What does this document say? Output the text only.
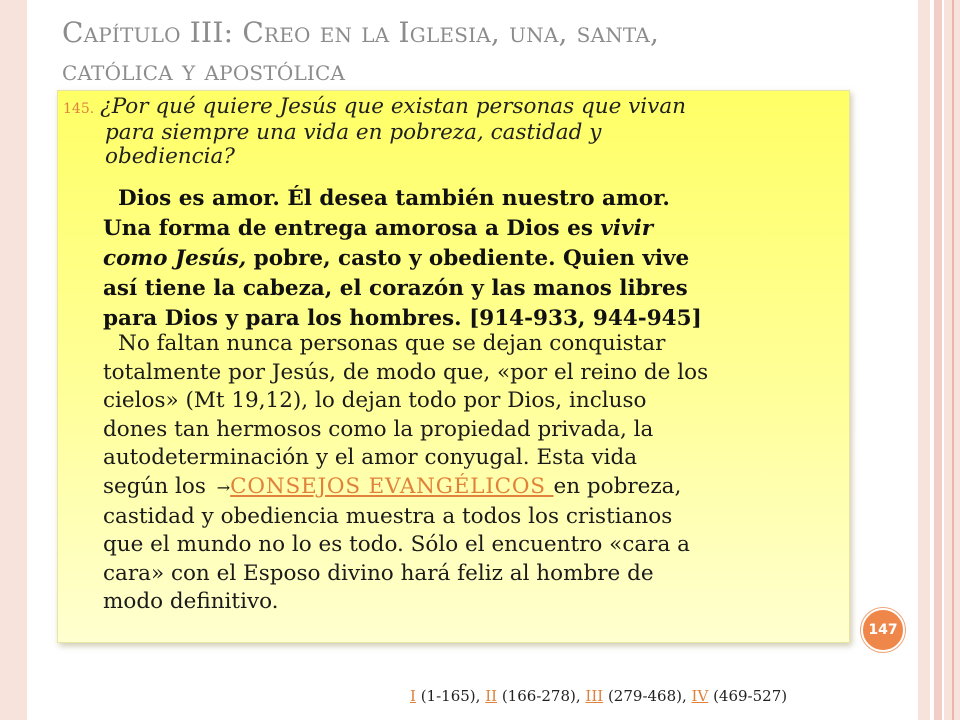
Capítulo III: Creo en la Iglesia, una, santa,
católica y apostólica
145. ¿Por qué quiere Jesús que existan personas que vivan
para siempre una vida en pobreza, castidad y
obediencia?
Dios es amor. Él desea también nuestro amor.
Una forma de entrega amorosa a Dios es vivir
como Jesús, pobre, casto y obediente. Quien vive
así tiene la cabeza, el corazón y las manos libres
para Dios y para los hombres. [914-933, 944-945]
No faltan nunca personas que se dejan conquistar
totalmente por Jesús, de modo que, «por el reino de los
cielos» (Mt 19,12), lo dejan todo por Dios, incluso
dones tan hermosos como la propiedad privada, la
autodeterminación y el amor conyugal. Esta vida
según los →CONSEJOS EVANGÉLICOS en pobreza,
castidad y obediencia muestra a todos los cristianos
que el mundo no lo es todo. Sólo el encuentro «cara a
cara» con el Esposo divino hará feliz al hombre de
modo definitivo.
147
I (1-165), II (166-278), III (279-468), IV (469-527)
